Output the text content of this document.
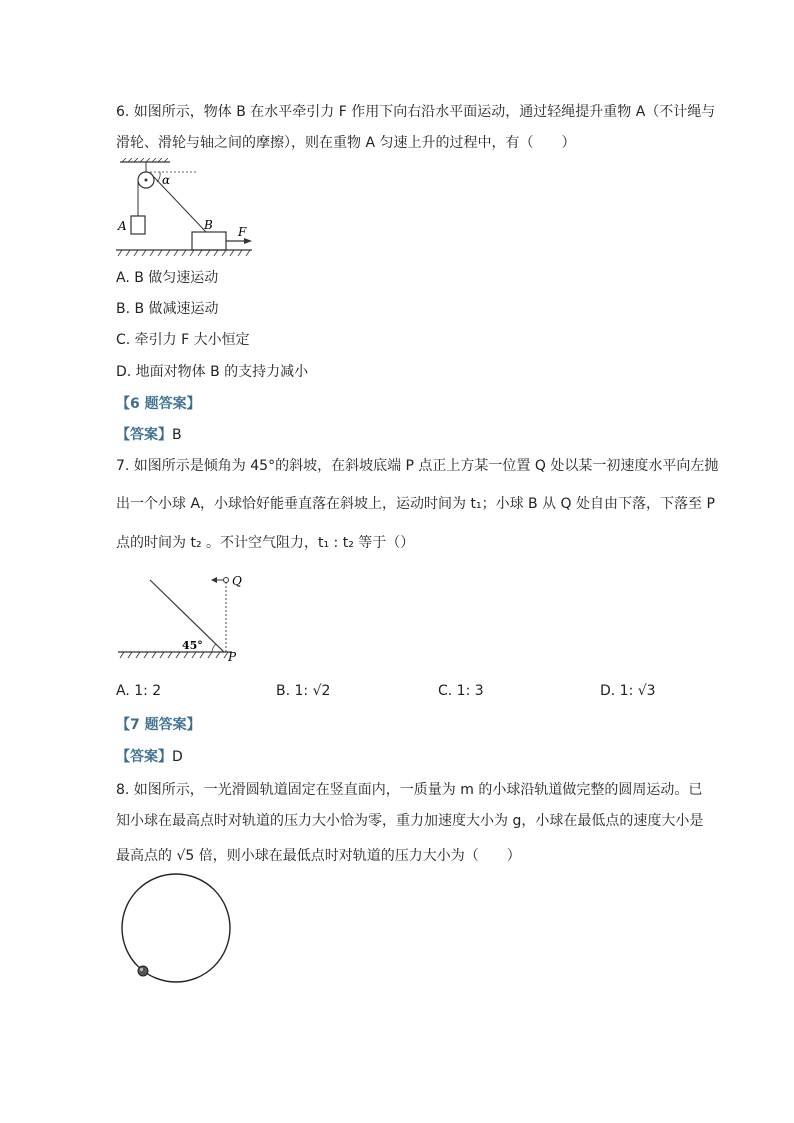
6. 如图所示，物体 B 在水平牵引力 F 作用下向右沿水平面运动，通过轻绳提升重物 A（不计绳与
滑轮、滑轮与轴之间的摩擦），则在重物 A 匀速上升的过程中，有（　　）
α
A	B F
A. B 做匀速运动
B. B 做减速运动
C. 牵引力 F 大小恒定
D. 地面对物体 B 的支持力减小
【6 题答案】
【答案】B
7. 如图所示是倾角为 45°的斜坡，在斜坡底端 P 点正上方某一位置 Q 处以某一初速度水平向左抛
出一个小球 A，小球恰好能垂直落在斜坡上，运动时间为 t₁；小球 B 从 Q 处自由下落，下落至 P
点的时间为 t₂ 。不计空气阻力，t₁ : t₂ 等于（）
45°
Q
P
A. 1: 2	B. 1: √2	C. 1: 3	D. 1: √3
【7 题答案】
【答案】D
8. 如图所示，一光滑圆轨道固定在竖直面内，一质量为 m 的小球沿轨道做完整的圆周运动。已
知小球在最高点时对轨道的压力大小恰为零，重力加速度大小为 g，小球在最低点的速度大小是
最高点的 √5 倍，则小球在最低点时对轨道的压力大小为（　　）
